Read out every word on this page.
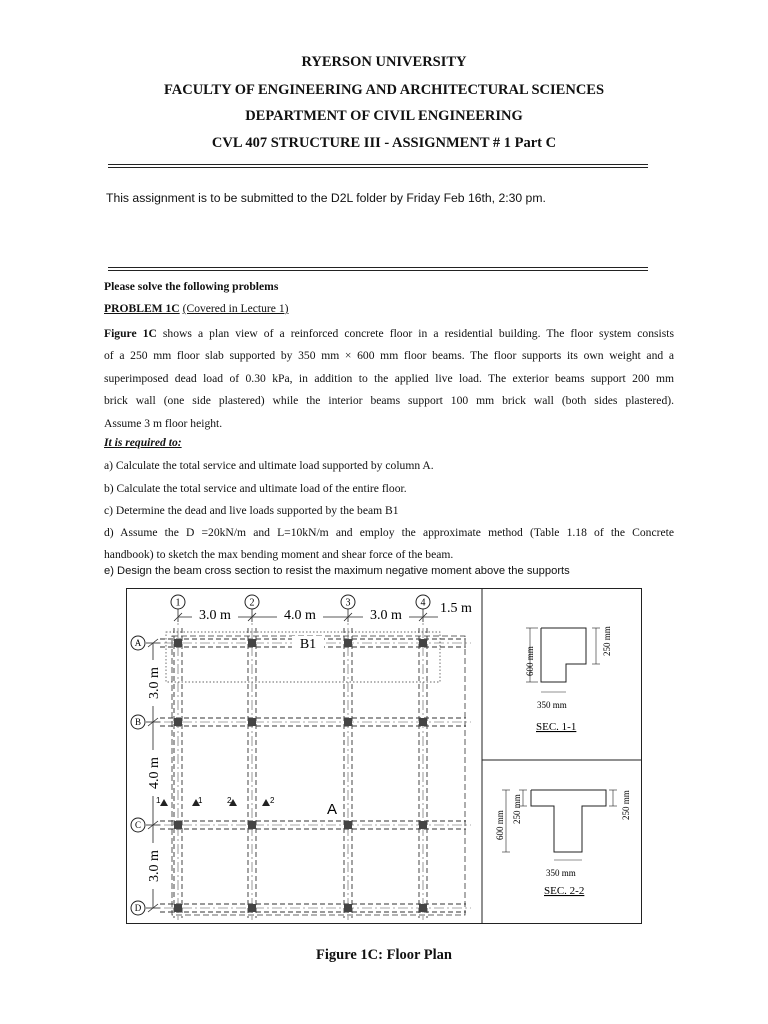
RYERSON UNIVERSITY
FACULTY OF ENGINEERING AND ARCHITECTURAL SCIENCES
DEPARTMENT OF CIVIL ENGINEERING
CVL 407 STRUCTURE III - ASSIGNMENT # 1 Part C
This assignment is to be submitted to the D2L folder by Friday Feb 16th, 2:30 pm.
Please solve the following problems
PROBLEM 1C (Covered in Lecture 1)
Figure 1C shows a plan view of a reinforced concrete floor in a residential building. The floor system consists
of a 250 mm floor slab supported by 350 mm × 600 mm floor beams. The floor supports its own weight and a
superimposed dead load of 0.30 kPa, in addition to the applied live load. The exterior beams support 200 mm
brick wall (one side plastered) while the interior beams support 100 mm brick wall (both sides plastered).
Assume 3 m floor height.
It is required to:
a) Calculate the total service and ultimate load supported by column A.
b) Calculate the total service and ultimate load of the entire floor.
c) Determine the dead and live loads supported by the beam B1
d) Assume the D =20kN/m and L=10kN/m and employ the approximate method (Table 1.18 of the Concrete
handbook) to sketch the max bending moment and shear force of the beam.
e) Design the beam cross section to resist the maximum negative moment above the supports
1	2	3	4
A
B
C
D
3.0 m	4.0 m	3.0 m	1.5 m
3.0 m
4.0 m
3.0 m
B1
A
1	1	2	2
600 mm
250 mm
350 mm
SEC. 1-1
600 mm
250 mm	250 mm
350 mm
SEC. 2-2
Figure 1C: Floor Plan
